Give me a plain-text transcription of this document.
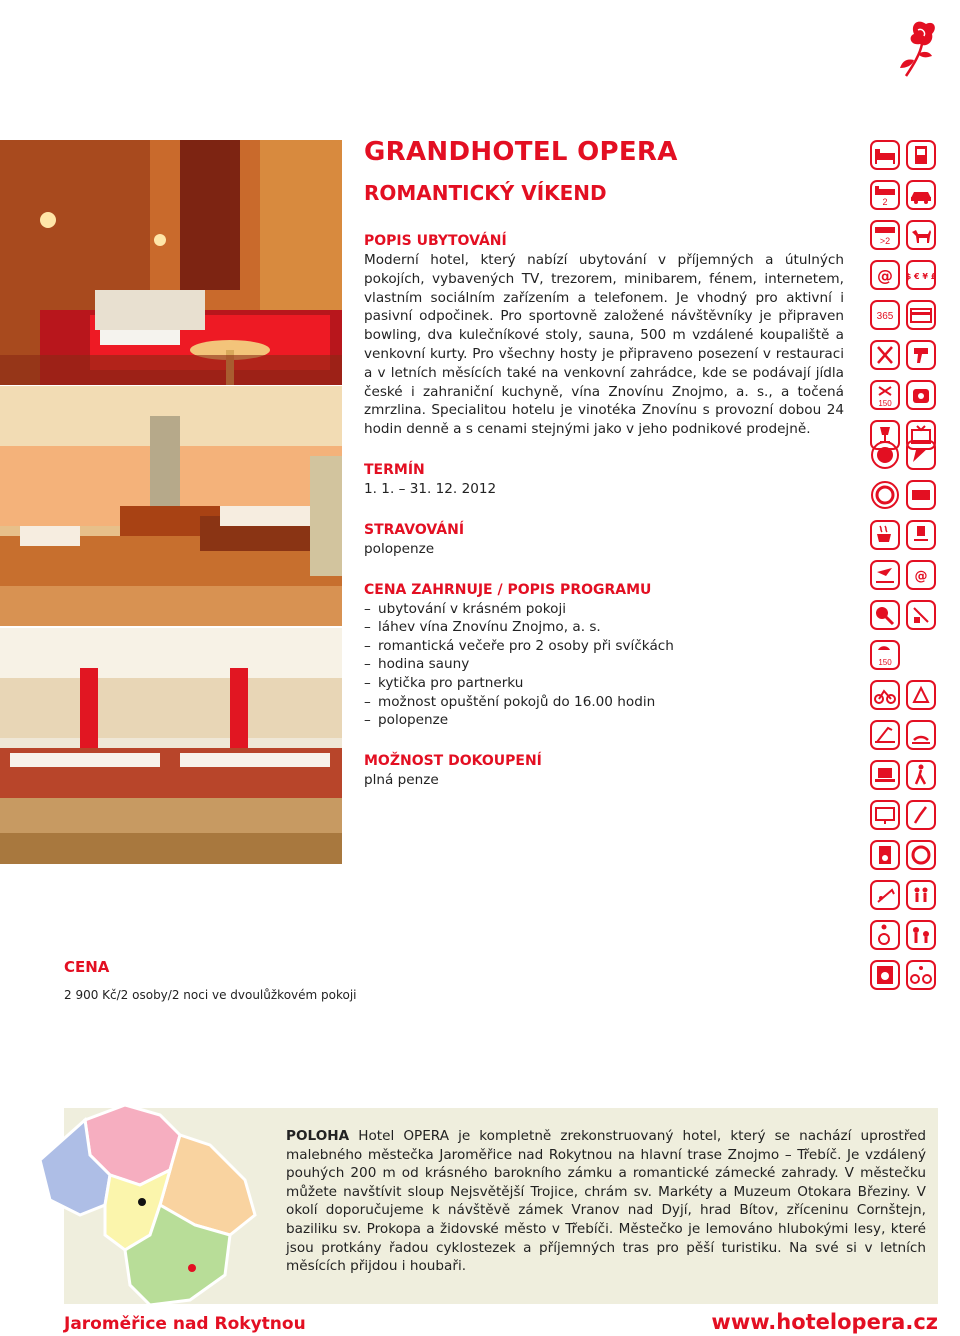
GRANDHOTEL OPERA
ROMANTICKÝ VÍKEND

POPIS UBYTOVÁNÍ

Moderní hotel, který nabízí ubytování v příjemných a útulných pokojích, vybavených TV, trezorem, minibarem, fénem, internetem, vlastním sociálním zařízením a telefonem. Je vhodný pro aktivní i pasivní odpočinek. Pro sportovně založené návštěvníky je připraven bowling, dva kulečníkové stoly, sauna, 500 m vzdálené koupaliště a venkovní kurty. Pro všechny hosty je připraveno posezení v restauraci a v letních měsících také na venkovní zahrádce, kde se podávají jídla české i zahraniční kuchyně, vína Znovínu Znojmo, a. s., a točená zmrzlina. Specialitou hotelu je vinotéka Znovínu s provozní dobou 24 hodin denně a s cenami stejnými jako v jeho podnikové prodejně.

TERMÍN

1. 1. – 31. 12. 2012

STRAVOVÁNÍ

polopenze

CENA ZAHRNUJE / POPIS PROGRAMU

– ubytování v krásném pokoji
– láhev vína Znovínu Znojmo, a. s.
– romantická večeře pro 2 osoby při svíčkách
– hodina sauny
– kytička pro partnerku
– možnost opuštění pokojů do 16.00 hodin
– polopenze

MOŽNOST DOKOUPENÍ

plná penze

2
>2
@ $ € ¥ £
365
150
@
150

CENA

2 900 Kč/2 osoby/2 noci ve dvoulůžkovém pokoji

POLOHA Hotel OPERA je kompletně zrekonstruovaný hotel, který se nachází uprostřed malebného městečka Jaroměřice nad Rokytnou na hlavní trase Znojmo – Třebíč. Je vzdálený pouhých 200 m od krásného barokního zámku a romantické zámecké zahrady. V městečku můžete navštívit sloup Nejsvětější Trojice, chrám sv. Markéty a Muzeum Otokara Březiny. V okolí doporučujeme k návštěvě zámek Vranov nad Dyjí, hrad Bítov, zříceninu Cornštejn, baziliku sv. Prokopa a židovské město v Třebíči. Městečko je lemováno hlubokými lesy, které jsou protkány řadou cyklostezek a příjemných tras pro pěší turistiku. Na své si v letních měsících přijdou i houbaři.
Jaroměřice nad Rokytnou	www.hotelopera.cz
